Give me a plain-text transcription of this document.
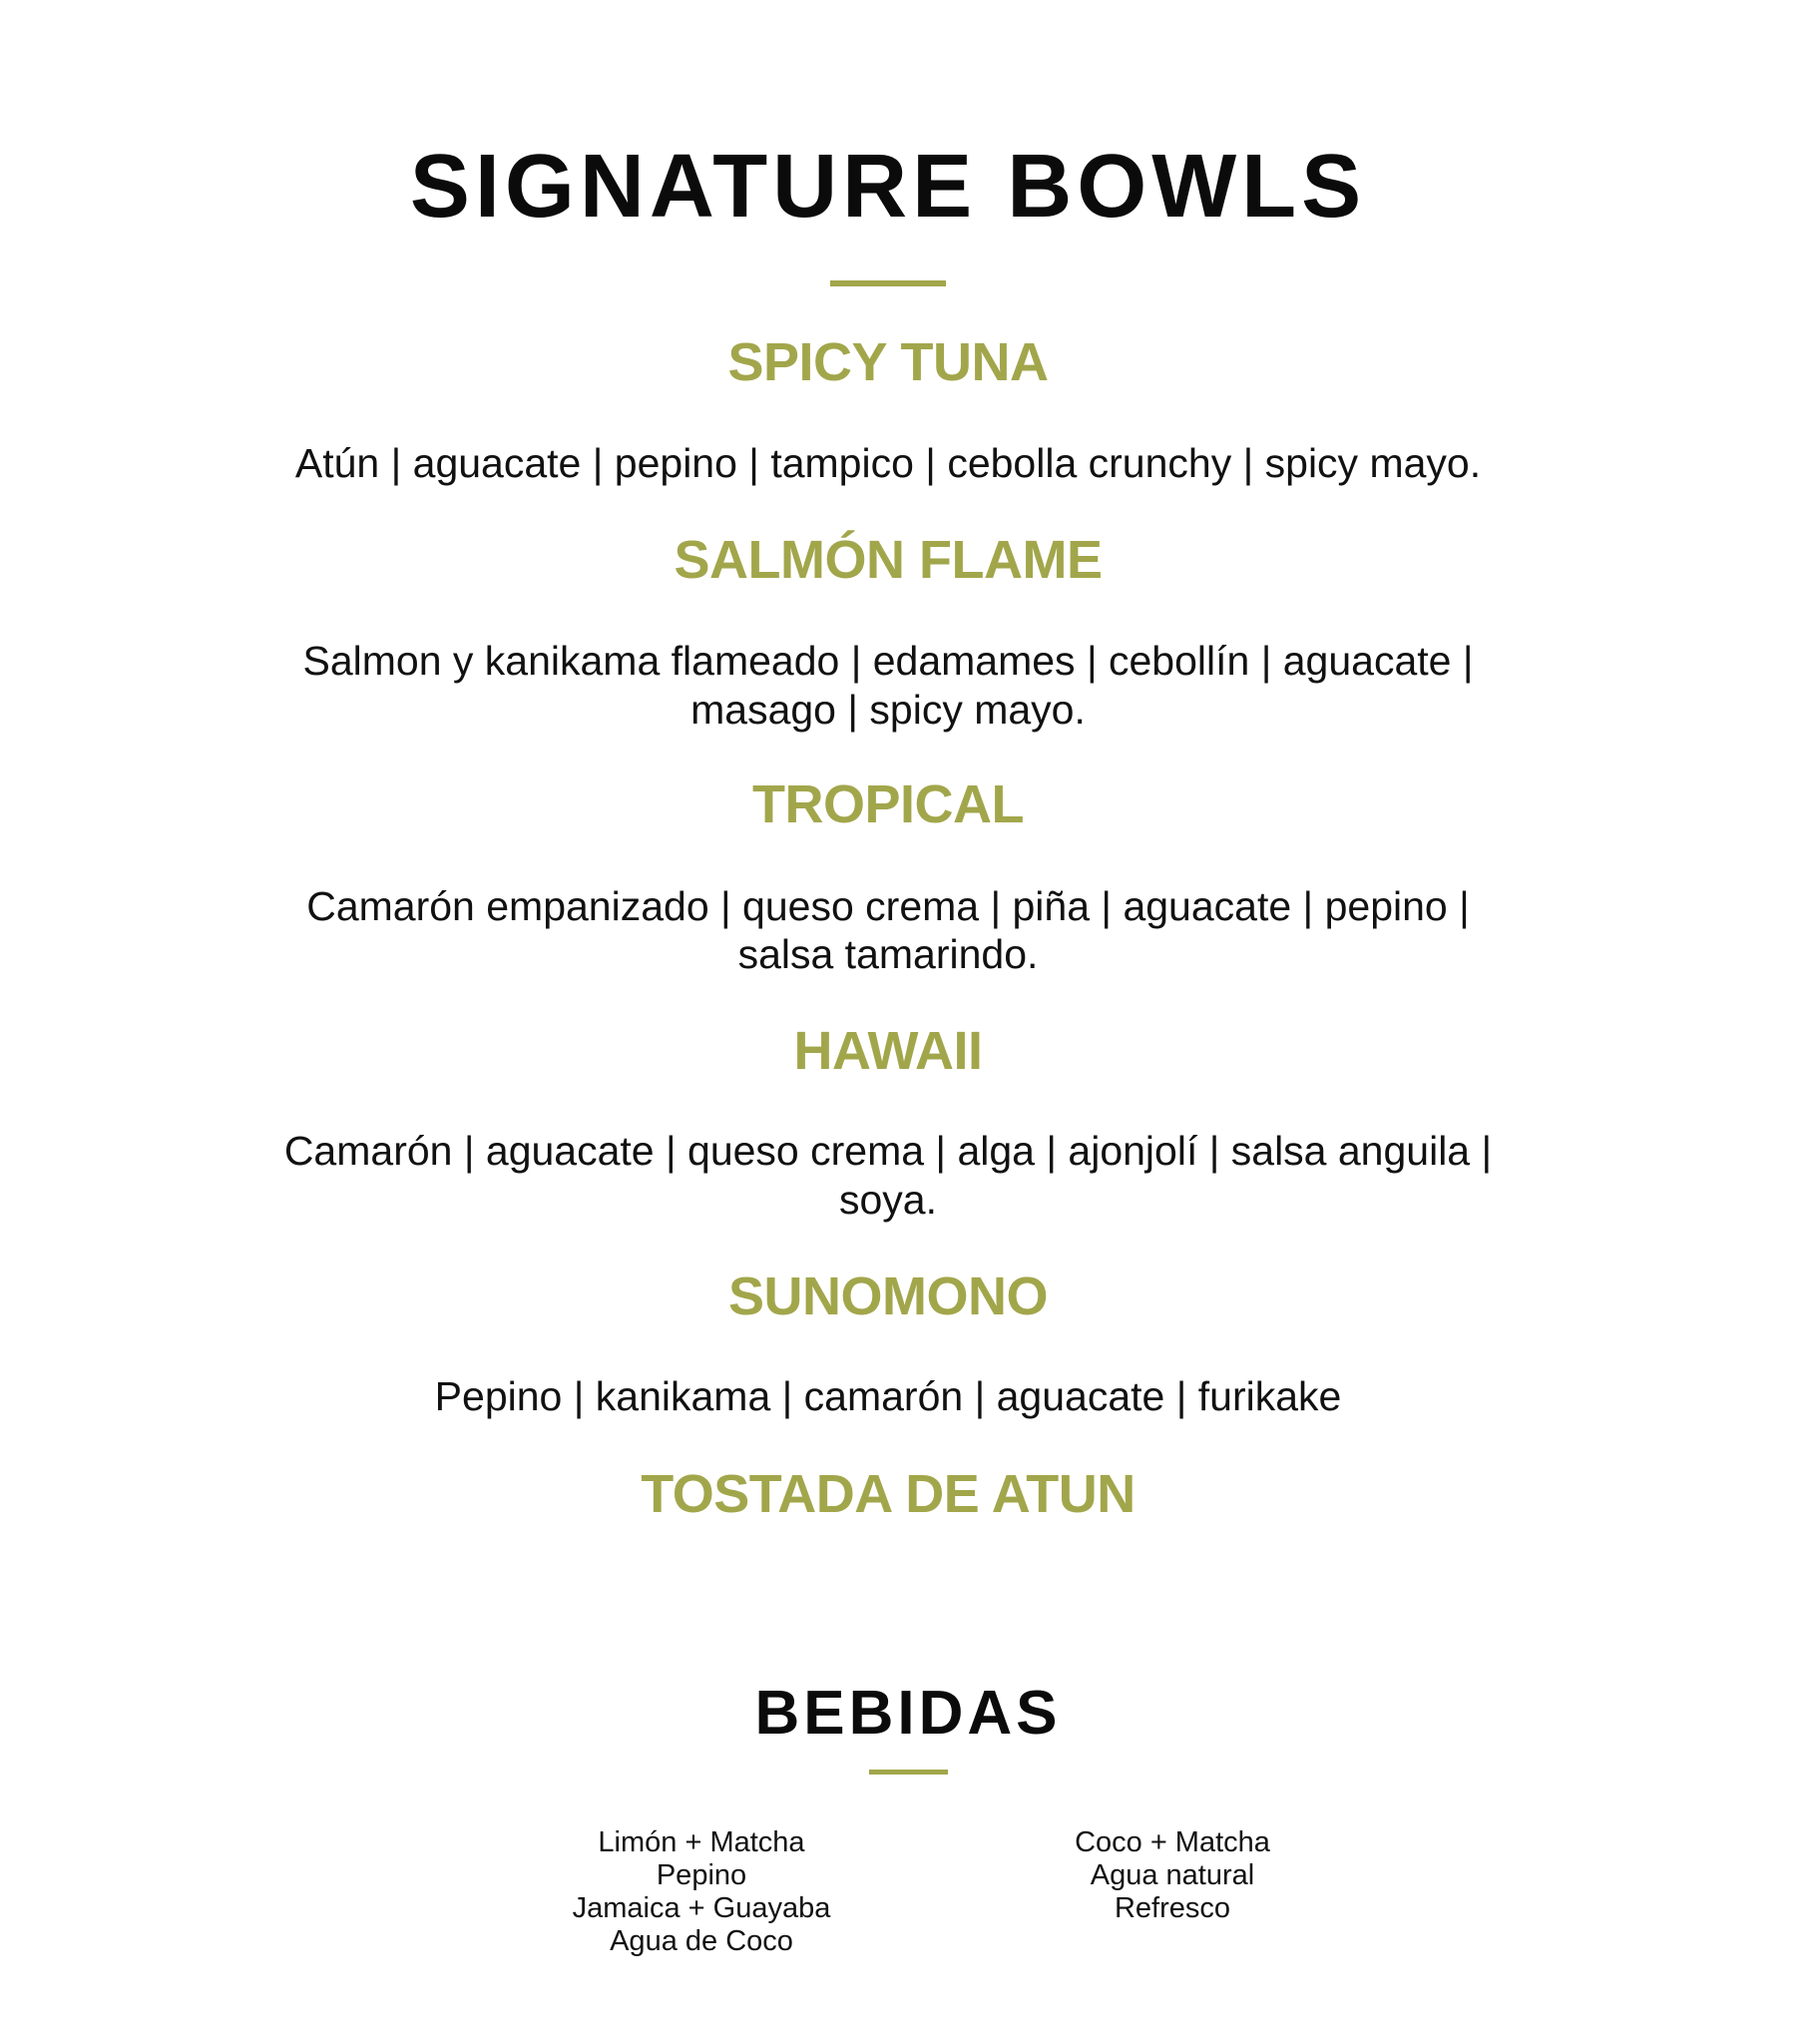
SIGNATURE BOWLS
SPICY TUNA
Atún | aguacate | pepino | tampico | cebolla crunchy | spicy mayo.
SALMÓN FLAME
Salmon y kanikama flameado | edamames | cebollín | aguacate |
masago | spicy mayo.
TROPICAL
Camarón empanizado | queso crema | piña | aguacate | pepino |
salsa tamarindo.
HAWAII
Camarón | aguacate | queso crema | alga | ajonjolí | salsa anguila |
soya.
SUNOMONO
Pepino | kanikama | camarón | aguacate | furikake
TOSTADA DE ATUN
BEBIDAS
Limón + Matcha
Pepino
Jamaica + Guayaba
Agua de Coco
Coco + Matcha
Agua natural
Refresco
